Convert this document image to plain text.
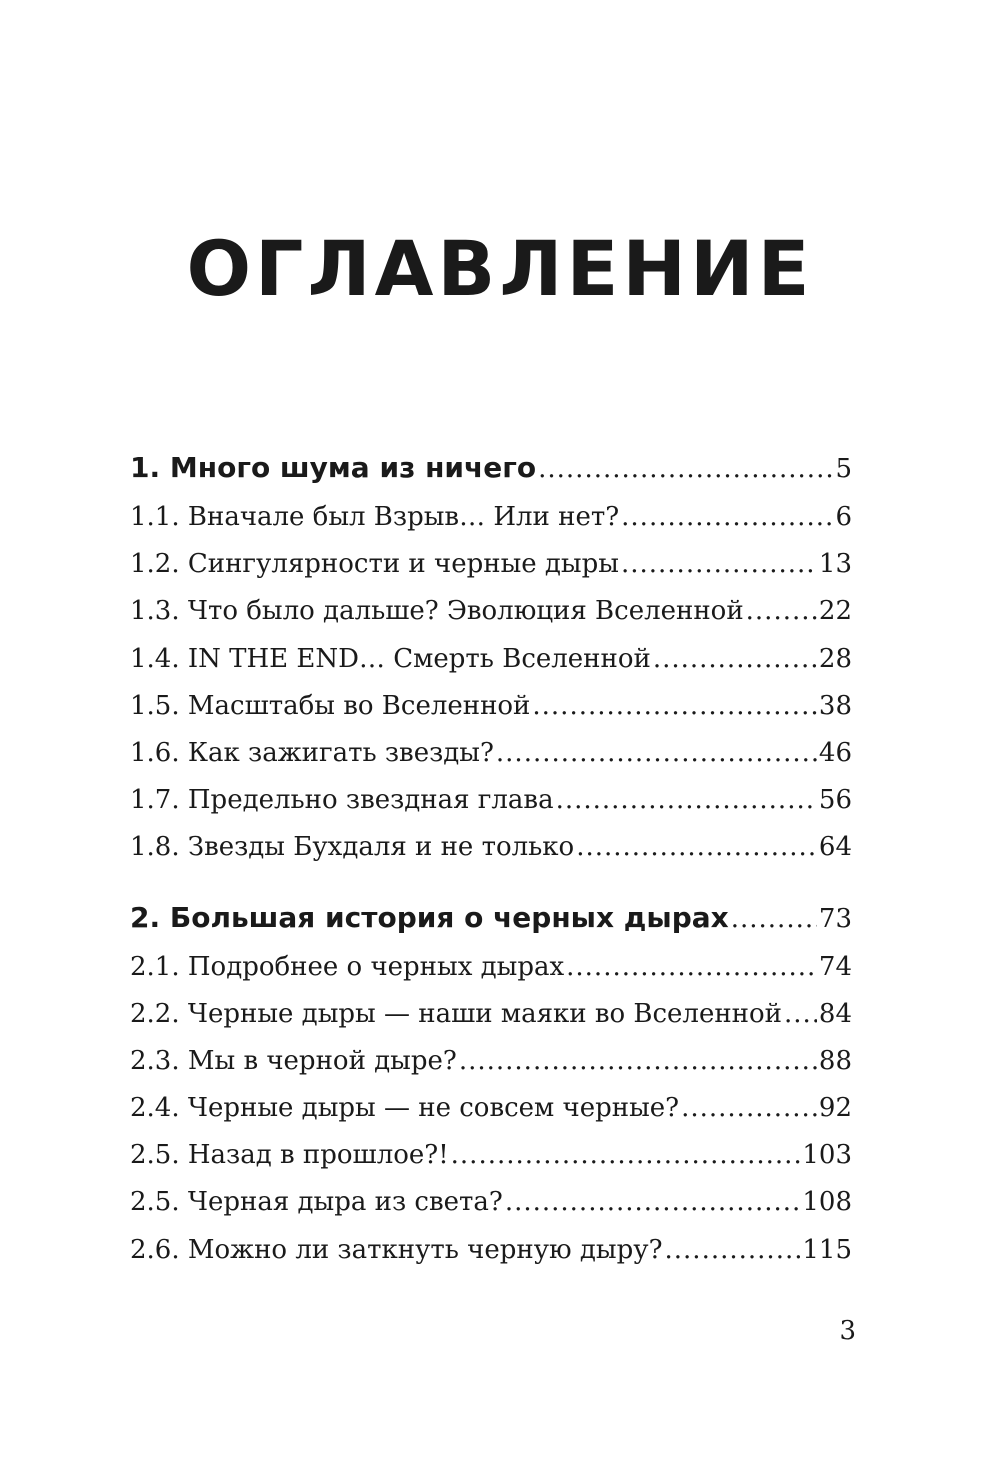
ОГЛАВЛЕНИЕ
1. Много шума из ничего .....	5
1.1. Вначале был Взрыв… Или нет? .....	6
1.2. Сингулярности и черные дыры .....	13
1.3. Что было дальше? Эволюция Вселенной .....	22
1.4. IN THE END… Смерть Вселенной .....	28
1.5. Масштабы во Вселенной .....	38
1.6. Как зажигать звезды? .....	46
1.7. Предельно звездная глава .....	56
1.8. Звезды Бухдаля и не только .....	64
2. Большая история о черных дырах .....	73
2.1. Подробнее о черных дырах .....	74
2.2. Черные дыры — наши маяки во Вселенной ..... 84
2.3. Мы в черной дыре? .....	88
2.4. Черные дыры — не совсем черные? .....	92
2.5. Назад в прошлое?! .....	103
2.5. Черная дыра из света? .....	108
2.6. Можно ли заткнуть черную дыру? .....	115
3
